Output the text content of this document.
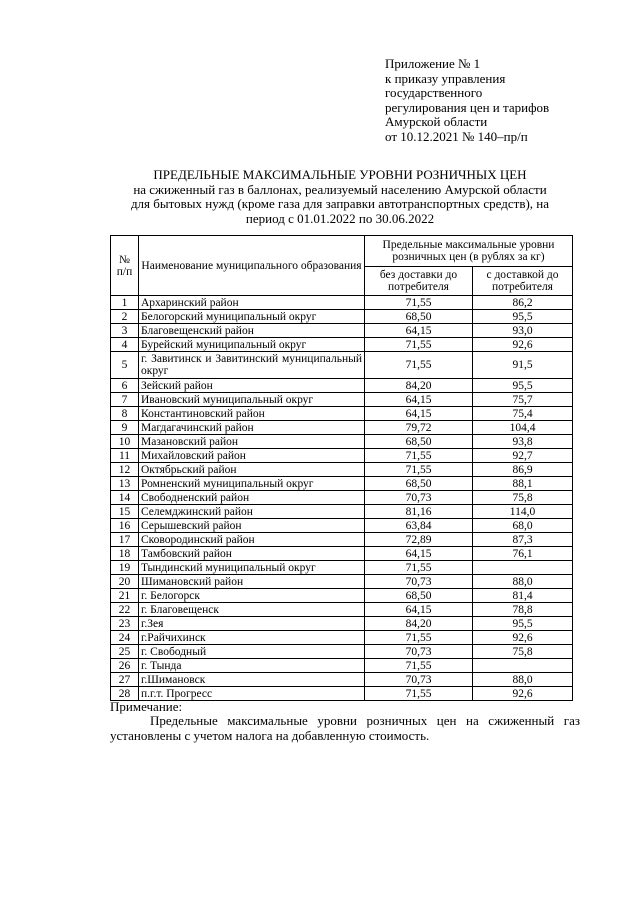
Приложение № 1
к приказу управления
государственного
регулирования цен и тарифов
Амурской области
от 10.12.2021 № 140–пр/п
ПРЕДЕЛЬНЫЕ МАКСИМАЛЬНЫЕ УРОВНИ РОЗНИЧНЫХ ЦЕН
на сжиженный газ в баллонах, реализуемый населению Амурской области
для бытовых нужд (кроме газа для заправки автотранспортных средств), на
период с 01.01.2022 по 30.06.2022
№ п/п	Наименование муниципального образования	Предельные максимальные уровни розничных цен (в рублях за кг)	
		без доставки до потребителя	с доставкой до потребителя
1	Архаринский район	71,55	86,2
2	Белогорский муниципальный округ	68,50	95,5
3	Благовещенский район	64,15	93,0
4	Бурейский муниципальный округ	71,55	92,6
5	г. Завитинск и Завитинский муниципальный округ	71,55	91,5
6	Зейский район	84,20	95,5
7	Ивановский муниципальный округ	64,15	75,7
8	Константиновский район	64,15	75,4
9	Магдагачинский район	79,72	104,4
10	Мазановский район	68,50	93,8
11	Михайловский район	71,55	92,7
12	Октябрьский район	71,55	86,9
13	Ромненский муниципальный округ	68,50	88,1
14	Свободненский район	70,73	75,8
15	Селемджинский район	81,16	114,0
16	Серышевский район	63,84	68,0
17	Сковородинский район	72,89	87,3
18	Тамбовский район	64,15	76,1
19	Тындинский муниципальный округ	71,55	
20	Шимановский район	70,73	88,0
21	г. Белогорск	68,50	81,4
22	г. Благовещенск	64,15	78,8
23	г.Зея	84,20	95,5
24	г.Райчихинск	71,55	92,6
25	г. Свободный	70,73	75,8
26	г. Тында	71,55	
27	г.Шимановск	70,73	88,0
28	п.г.т. Прогресс	71,55	92,6
Примечание:
Предельные максимальные уровни розничных цен на сжиженный газ установлены с учетом налога на добавленную стоимость.
